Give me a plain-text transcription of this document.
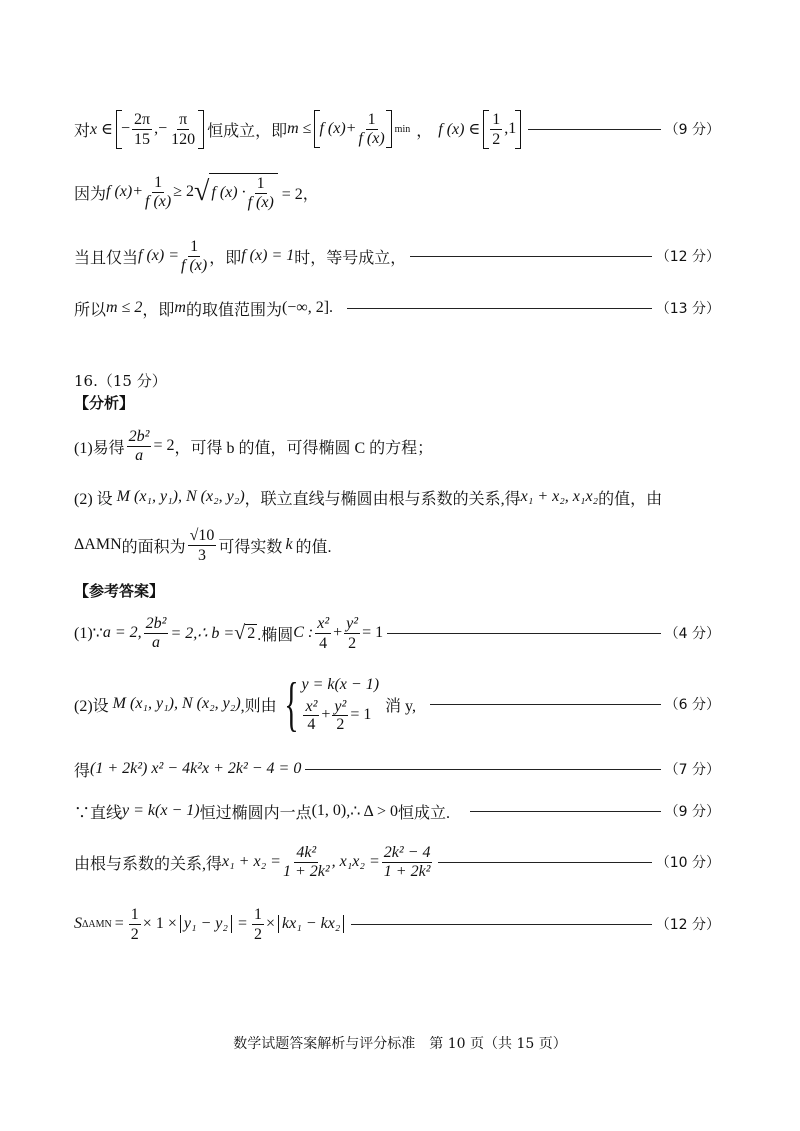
对 x ∈ − $\frac{2\pi}{15}$ ,− $\frac{\pi}{120}$ 恒成立，即 m ≤ f $(x)+ \frac{1}{f (x)}$ min ， f (x) ∈ $\frac{1}{2} ,1$	（9 分）
因为 f $(x)+ \frac{1}{f (x)} \ge 2$ √ f $(x) \cdot \frac{1}{f (x)} = 2$，
当且仅当 f $(x) = \frac{1}{f (x)}$ ，即 f (x) = 1 时，等号成立，	（12 分）
所以 m ≤ 2 ，即 m 的取值范围为 (−∞, 2] .	（13 分）
16.（15 分）
【分析】
(1)易得 $\frac{\text{2b²}}{a} = 2$ ，可得 b 的值，可得椭圆 C 的方程；
(2) 设 M (x₁, y₁), N (x₂, y₂) ，联立直线与椭圆由根与系数的关系,得 x₁ + x₂, x₁x₂ 的值，由
ΔAMN 的面积为 $\frac{√10}{3}$ 可得实数 k 的值.
【参考答案】
(1)∵ a = 2, $\frac{\text{2b²}}{a}$ = 2,∴ b = √ 2 .椭圆 C : $\frac{\text{x²}}{4} + \frac{\text{y²}}{2} = 1$	（4 分）
(2)设 M (x₁, y₁), N (x₂, y₂) ,则由 { y = k(x − 1)
$\frac{\text{x²}}{4} + \frac{\text{y²}}{2} = 1$ 消 y,	（6 分）
得 (1 + 2k²) x² − 4k²x + 2k² − 4 = 0	（7 分）
∵直线 y = k(x − 1) 恒过椭圆内一点 (1, 0) ,∴ Δ > 0 恒成立.	（9 分）
由根与系数的关系,得 $x_1 + x_2 = \frac{\text{4k²}}{\text{1 + 2k²}}$ , $x_1x_2 = \frac{\text{2k² − 4}}{\text{1 + 2k²}}$	（10 分）
S $\Delta AMN = \frac{1}{2} \times 1 \times y_1 - y_2 = \frac{1}{2} \times kx_1 - kx_2$	（12 分）
数学试题答案解析与评分标准　第 10 页（共 15 页）
